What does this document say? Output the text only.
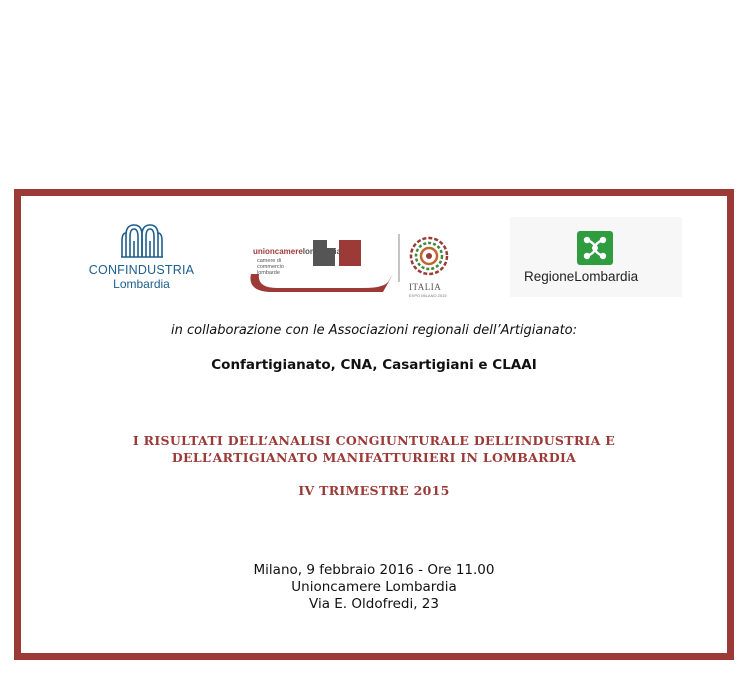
CONFINDUSTRIA
Lombardia
unioncamerelombardia
camere di commercio lombarde
ITALIA
EXPO MILANO 2015
RegioneLombardia

in collaborazione con le Associazioni regionali dell’Artigianato:

Confartigianato, CNA, Casartigiani e CLAAI

I RISULTATI DELL’ANALISI CONGIUNTURALE DELL’INDUSTRIA E
DELL’ARTIGIANATO MANIFATTURIERI IN LOMBARDIA

IV TRIMESTRE 2015

Milano, 9 febbraio 2016 - Ore 11.00
Unioncamere Lombardia
Via E. Oldofredi, 23
